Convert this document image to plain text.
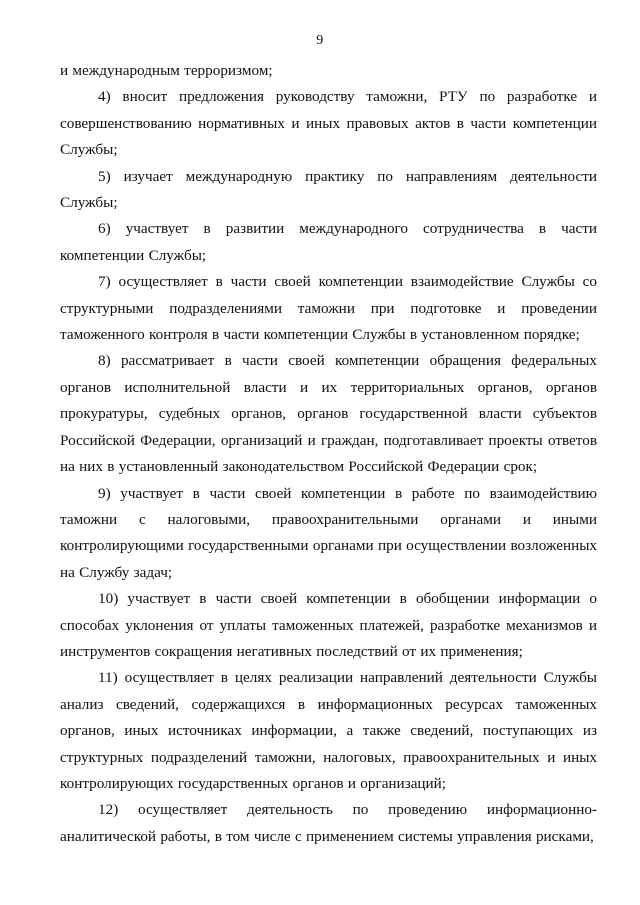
9

и международным терроризмом;

4) вносит предложения руководству таможни, РТУ по разработке и совершенствованию нормативных и иных правовых актов в части компетенции Службы;

5) изучает международную практику по направлениям деятельности Службы;

6) участвует в развитии международного сотрудничества в части компетенции Службы;

7) осуществляет в части своей компетенции взаимодействие Службы со структурными подразделениями таможни при подготовке и проведении таможенного контроля в части компетенции Службы в установленном порядке;

8) рассматривает в части своей компетенции обращения федеральных органов исполнительной власти и их территориальных органов, органов прокуратуры, судебных органов, органов государственной власти субъектов Российской Федерации, организаций и граждан, подготавливает проекты ответов на них в установленный законодательством Российской Федерации срок;

9) участвует в части своей компетенции в работе по взаимодействию таможни с налоговыми, правоохранительными органами и иными контролирующими государственными органами при осуществлении возложенных на Службу задач;

10) участвует в части своей компетенции в обобщении информации о способах уклонения от уплаты таможенных платежей, разработке механизмов и инструментов сокращения негативных последствий от их применения;

11) осуществляет в целях реализации направлений деятельности Службы анализ сведений, содержащихся в информационных ресурсах таможенных органов, иных источниках информации, а также сведений, поступающих из структурных подразделений таможни, налоговых, правоохранительных и иных контролирующих государственных органов и организаций;

12) осуществляет деятельность по проведению информационно-аналитической работы, в том числе с применением системы управления рисками,
